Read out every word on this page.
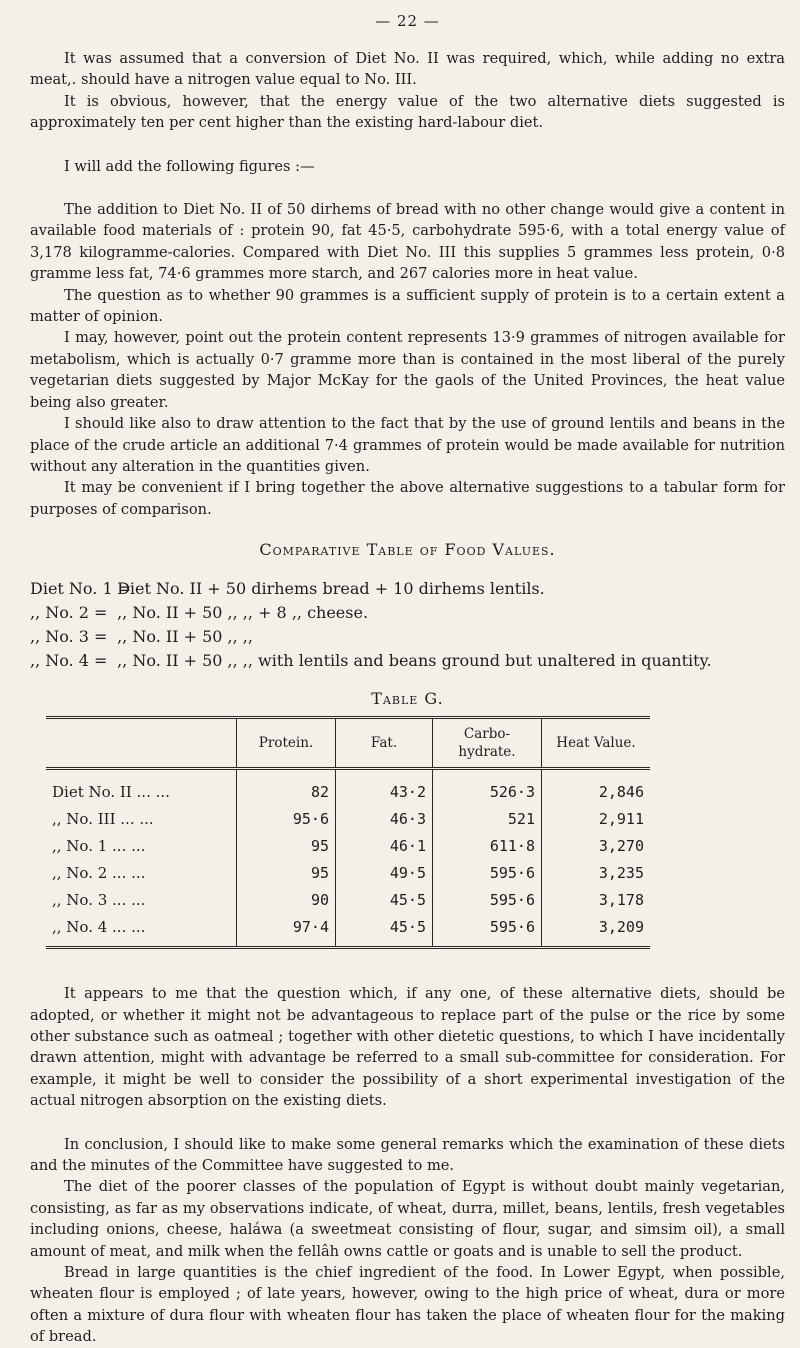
— 22 —

It was assumed that a conversion of Diet No. II was required, which, while adding no extra meat,. should have a nitrogen value equal to No. III.

It is obvious, however, that the energy value of the two alternative diets suggested is approximately ten per cent higher than the existing hard-labour diet.

I will add the following figures :—

The addition to Diet No. II of 50 dirhems of bread with no other change would give a content in available food materials of : protein 90, fat 45·5, carbohydrate 595·6, with a total energy value of 3,178 kilogramme-calories. Compared with Diet No. III this supplies 5 grammes less protein, 0·8 gramme less fat, 74·6 grammes more starch, and 267 calories more in heat value.

The question as to whether 90 grammes is a sufficient supply of protein is to a certain extent a matter of opinion.

I may, however, point out the protein content represents 13·9 grammes of nitrogen available for metabolism, which is actually 0·7 gramme more than is contained in the most liberal of the purely vegetarian diets suggested by Major McKay for the gaols of the United Provinces, the heat value being also greater.

I should like also to draw attention to the fact that by the use of ground lentils and beans in the place of the crude article an additional 7·4 grammes of protein would be made available for nutrition without any alteration in the quantities given.

It may be convenient if I bring together the above alternative suggestions to a tabular form for purposes of comparison.

Comparative Table of Food Values.
Diet No. 1 = Diet No. II + 50 dirhems bread + 10 dirhems lentils.
,, No. 2 = ,, No. II + 50 ,, ,, + 8 ,, cheese.
,, No. 3 = ,, No. II + 50 ,, ,,
,, No. 4 = ,, No. II + 50 ,, ,, with lentils and beans ground but unaltered in quantity.
Table G.
	Protein.	Fat.	Carbo-hydrate.	Heat Value.
Diet No. II ... ...	82	43·2	526·3	2,846
,, No. III ... ...	95·6	46·3	521	2,911
,, No. 1 ... ...	95	46·1	611·8	3,270
,, No. 2 ... ...	95	49·5	595·6	3,235
,, No. 3 ... ...	90	45·5	595·6	3,178
,, No. 4 ... ...	97·4	45·5	595·6	3,209

It appears to me that the question which, if any one, of these alternative diets, should be adopted, or whether it might not be advantageous to replace part of the pulse or the rice by some other substance such as oatmeal ; together with other dietetic questions, to which I have incidentally drawn attention, might with advantage be referred to a small sub-committee for consideration. For example, it might be well to consider the possibility of a short experimental investigation of the actual nitrogen absorption on the existing diets.

In conclusion, I should like to make some general remarks which the examination of these diets and the minutes of the Committee have suggested to me.

The diet of the poorer classes of the population of Egypt is without doubt mainly vegetarian, consisting, as far as my observations indicate, of wheat, durra, millet, beans, lentils, fresh vegetables including onions, cheese, haláwa (a sweetmeat consisting of flour, sugar, and simsim oil), a small amount of meat, and milk when the fellâh owns cattle or goats and is unable to sell the product.

Bread in large quantities is the chief ingredient of the food. In Lower Egypt, when possible, wheaten flour is employed ; of late years, however, owing to the high price of wheat, dura or more often a mixture of dura flour with wheaten flour has taken the place of wheaten flour for the making of bread.
